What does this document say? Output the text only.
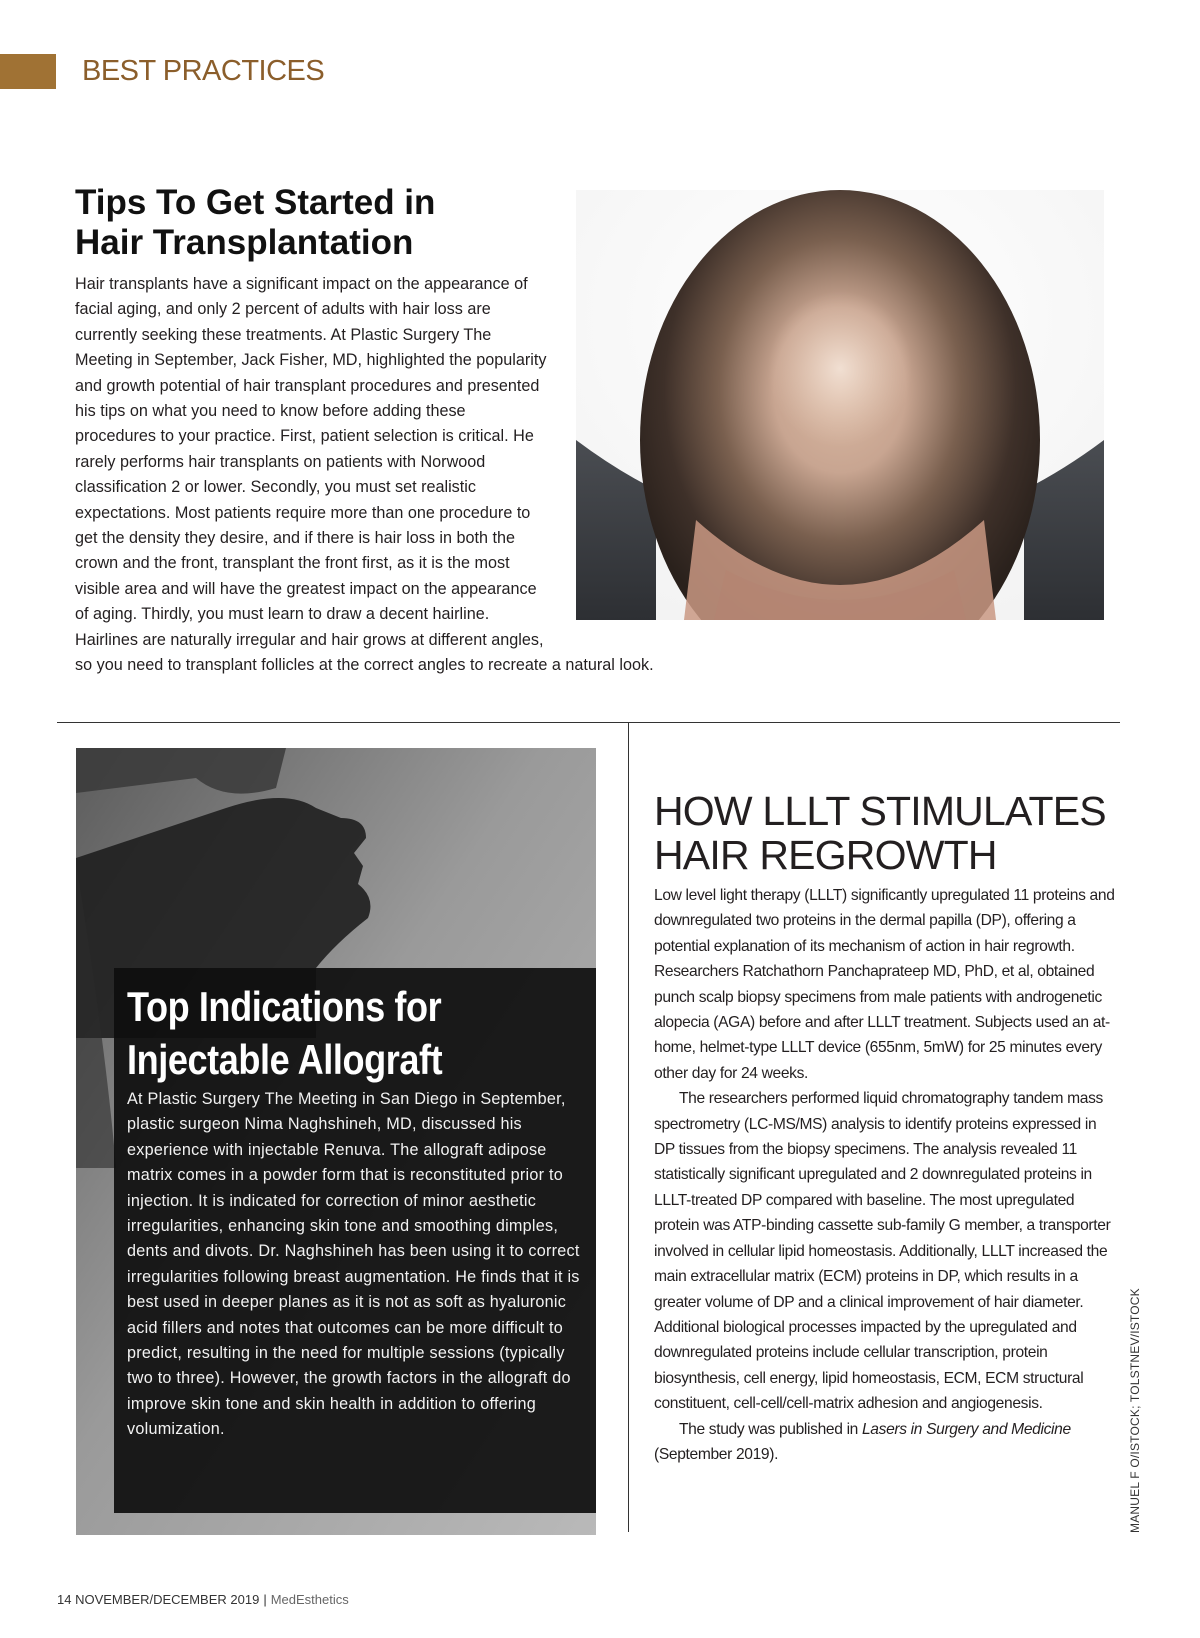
BEST PRACTICES
Tips To Get Started in
Hair Transplantation

Hair transplants have a significant impact on the appearance of facial aging, and only 2 percent of adults with hair loss are currently seeking these treatments. At Plastic Surgery The Meeting in September, Jack Fisher, MD, highlighted the popularity and growth potential of hair transplant procedures and presented his tips on what you need to know before adding these procedures to your practice. First, patient selection is critical. He rarely performs hair transplants on patients with Norwood classification 2 or lower. Secondly, you must set realistic expectations. Most patients require more than one procedure to get the density they desire, and if there is hair loss in both the crown and the front, transplant the front first, as it is the most visible area and will have the greatest impact on the appearance of aging. Thirdly, you must learn to draw a decent hairline. Hairlines are naturally irregular and hair grows at different angles, so you need to transplant follicles at the correct angles to recreate a natural look.

Top Indications for
Injectable Allograft

At Plastic Surgery The Meeting in San Diego in September, plastic surgeon Nima Naghshineh, MD, discussed his experience with injectable Renuva. The allograft adipose matrix comes in a powder form that is reconstituted prior to injection. It is indicated for correction of minor aesthetic irregularities, enhancing skin tone and smoothing dimples, dents and divots. Dr. Naghshineh has been using it to correct irregularities following breast augmentation. He finds that it is best used in deeper planes as it is not as soft as hyaluronic acid fillers and notes that outcomes can be more difficult to predict, resulting in the need for multiple sessions (typically two to three). However, the growth factors in the allograft do improve skin tone and skin health in addition to offering volumization.

HOW LLLT STIMULATES
HAIR REGROWTH

Low level light therapy (LLLT) significantly upregulated 11 proteins and downregulated two proteins in the dermal papilla (DP), offering a potential explanation of its mechanism of action in hair regrowth. Researchers Ratchathorn Panchaprateep MD, PhD, et al, obtained punch scalp biopsy specimens from male patients with androgenetic alopecia (AGA) before and after LLLT treatment. Subjects used an at-home, helmet-type LLLT device (655nm, 5mW) for 25 minutes every other day for 24 weeks.

The researchers performed liquid chromatography tandem mass spectrometry (LC-MS/MS) analysis to identify proteins expressed in DP tissues from the biopsy specimens. The analysis revealed 11 statistically significant upregulated and 2 downregulated proteins in LLLT-treated DP compared with baseline. The most upregulated protein was ATP-binding cassette sub-family G member, a transporter involved in cellular lipid homeostasis. Additionally, LLLT increased the main extracellular matrix (ECM) proteins in DP, which results in a greater volume of DP and a clinical improvement of hair diameter. Additional biological processes impacted by the upregulated and downregulated proteins include cellular transcription, protein biosynthesis, cell energy, lipid homeostasis, ECM, ECM structural constituent, cell-cell/cell-matrix adhesion and angiogenesis.

The study was published in Lasers in Surgery and Medicine (September 2019).	MANUEL F O/ISTOCK; TOLSTNEV/ISTOCK
14 NOVEMBER/DECEMBER 2019 | MedEsthetics
